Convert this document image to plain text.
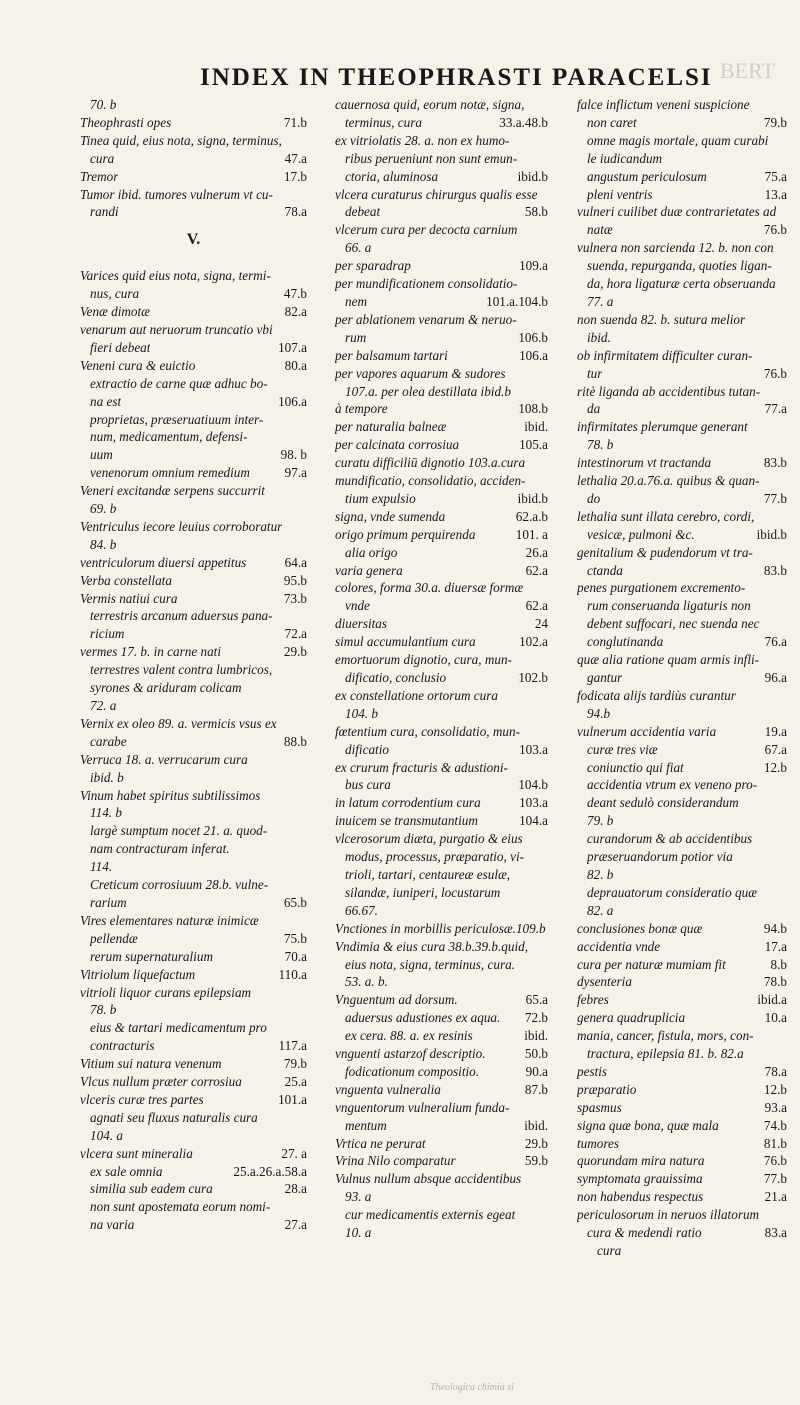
INDEX IN THEOPHRASTI PARACELSI BERT
70. b
Theophrasti opes	71.b
Tinea quid, eius nota, signa, terminus,
cura	47.a
Tremor	17.b
Tumor ibid. tumores vulnerum vt cu-
randi	78.a
V.
Varices quid eius nota, signa, termi-
nus, cura	47.b
Venæ dimotæ	82.a
venarum aut neruorum truncatio vbi
fieri debeat	107.a
Veneni cura & euictio	80.a
extractio de carne quæ adhuc bo-
na est	106.a
proprietas, præseruatiuum inter-
num, medicamentum, defensi-
uum	98. b
venenorum omnium remedium	97.a
Veneri excitandæ serpens succurrit
69. b
Ventriculus iecore leuius corroboratur
84. b
ventriculorum diuersi appetitus	64.a
Verba constellata	95.b
Vermis natiui cura	73.b
terrestris arcanum aduersus pana-
ricium	72.a
vermes 17. b. in carne nati	29.b
terrestres valent contra lumbricos,
syrones & ariduram colicam
72. a
Vernix ex oleo 89. a. vermicis vsus ex
carabe	88.b
Verruca 18. a. verrucarum cura
ibid. b
Vinum habet spiritus subtilissimos
114. b
largè sumptum nocet 21. a. quod-
nam contracturam inferat.
114.
Creticum corrosiuum 28.b. vulne-
rarium	65.b
Vires elementares naturæ inimicæ
pellendæ	75.b
rerum supernaturalium	70.a
Vitriolum liquefactum	110.a
vitrioli liquor curans epilepsiam
78. b
eius & tartari medicamentum pro
contracturis	117.a
Vitium sui natura venenum	79.b
Vlcus nullum præter corrosiua	25.a
vlceris curæ tres partes	101.a
agnati seu fluxus naturalis cura
104. a
vlcera sunt mineralia	27. a
ex sale omnia	25.a.26.a.58.a
similia sub eadem cura	28.a
non sunt apostemata eorum nomi-
na varia	27.a
cauernosa quid, eorum notæ, signa,
terminus, cura	33.a.48.b
ex vitriolatis 28. a. non ex humo-
ribus perueniunt non sunt emun-
ctoria, aluminosa	ibid.b
vlcera curaturus chirurgus qualis esse
debeat	58.b
vlcerum cura per decocta carnium
66. a
per sparadrap	109.a
per mundificationem consolidatio-
nem	101.a.104.b
per ablationem venarum & neruo-
rum	106.b
per balsamum tartari	106.a
per vapores aquarum & sudores
107.a. per olea destillata ibid.b
à tempore	108.b
per naturalia balneæ	ibid.
per calcinata corrosiua	105.a
curatu difficiliū dignotio 103.a.cura
mundificatio, consolidatio, acciden-
tium expulsio	ibid.b
signa, vnde sumenda	62.a.b
origo primum perquirenda	101. a
alia origo	26.a
varia genera	62.a
colores, forma 30.a. diuersæ formæ
vnde	62.a
diuersitas	24
simul accumulantium cura	102.a
emortuorum dignotio, cura, mun-
dificatio, conclusio	102.b
ex constellatione ortorum cura
104. b
fœtentium cura, consolidatio, mun-
dificatio	103.a
ex crurum fracturis & adustioni-
bus cura	104.b
in latum corrodentium cura	103.a
inuicem se transmutantium	104.a
vlcerosorum diæta, purgatio & eius
modus, processus, præparatio, vi-
trioli, tartari, centaureæ esulæ,
silandæ, iuniperi, locustarum
66.67.
Vnctiones in morbillis periculosæ.109.b
Vndimia & eius cura 38.b.39.b.quid,
eius nota, signa, terminus, cura.
53. a. b.
Vnguentum ad dorsum.	65.a
aduersus adustiones ex aqua.	72.b
ex cera. 88. a. ex resinis	ibid.
vnguenti astarzof descriptio.	50.b
fodicationum compositio.	90.a
vnguenta vulneralia	87.b
vnguentorum vulneralium funda-
mentum	ibid.
Vrtica ne perurat	29.b
Vrina Nilo comparatur	59.b
Vulnus nullum absque accidentibus
93. a
cur medicamentis externis egeat
10. a
falce inflictum veneni suspicione
non caret	79.b
omne magis mortale, quam curabi
le iudicandum
angustum periculosum	75.a
pleni ventris	13.a
vulneri cuilibet duæ contrarietates ad
natæ	76.b
vulnera non sarcienda 12. b. non con
suenda, repurganda, quoties ligan-
da, hora ligaturæ certa obseruanda
77. a
non suenda 82. b. sutura melior
ibid.
ob infirmitatem difficulter curan-
tur	76.b
ritè liganda ab accidentibus tutan-
da	77.a
infirmitates plerumque generant
78. b
intestinorum vt tractanda	83.b
lethalia 20.a.76.a. quibus & quan-
do	77.b
lethalia sunt illata cerebro, cordi,
vesicæ, pulmoni &c.	ibid.b
genitalium & pudendorum vt tra-
ctanda	83.b
penes purgationem excremento-
rum conseruanda ligaturis non
debent suffocari, nec suenda nec
conglutinanda	76.a
quæ alia ratione quam armis infli-
gantur	96.a
fodicata alijs tardiùs curantur
94.b
vulnerum accidentia varia	19.a
curæ tres viæ	67.a
coniunctio qui fiat	12.b
accidentia vtrum ex veneno pro-
deant sedulò considerandum
79. b
curandorum & ab accidentibus
præseruandorum potior via
82. b
deprauatorum consideratio quæ
82. a
conclusiones bonæ quæ	94.b
accidentia vnde	17.a
cura per naturæ mumiam fit	8.b
dysenteria	78.b
febres	ibid.a
genera quadruplicia	10.a
mania, cancer, fistula, mors, con-
tractura, epilepsia 81. b. 82.a
pestis	78.a
præparatio	12.b
spasmus	93.a
signa quæ bona, quæ mala	74.b
tumores	81.b
quorundam mira natura	76.b
symptomata grauissima	77.b
non habendus respectus	21.a
periculosorum in neruos illatorum
cura & medendi ratio	83.a
cura
Theologica chimia si
